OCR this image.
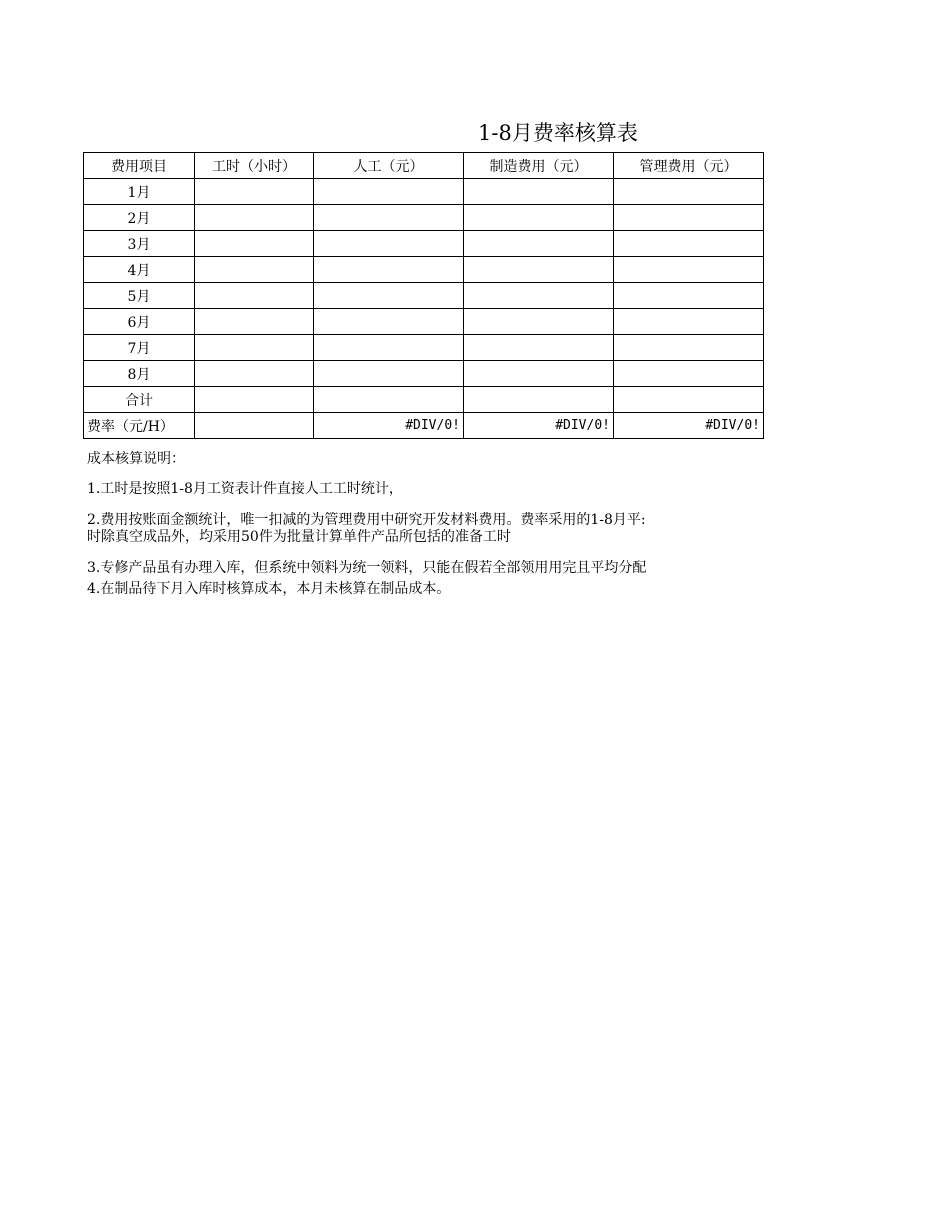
1-8月费率核算表
费用项目	工时（小时）	人工（元）	制造费用（元）	管理费用（元）
1月				
2月				
3月				
4月				
5月				
6月				
7月				
8月				
合计				
费率（元/H）		#DIV/0!	#DIV/0!	#DIV/0!
成本核算说明：

1.工时是按照1-8月工资表计件直接人工工时统计，

2.费用按账面金额统计，唯一扣减的为管理费用中研究开发材料费用。费率采用的1-8月平:

时除真空成品外，均采用50件为批量计算单件产品所包括的准备工时

3.专修产品虽有办理入库，但系统中领料为统一领料，只能在假若全部领用用完且平均分配

4.在制品待下月入库时核算成本，本月未核算在制品成本。
